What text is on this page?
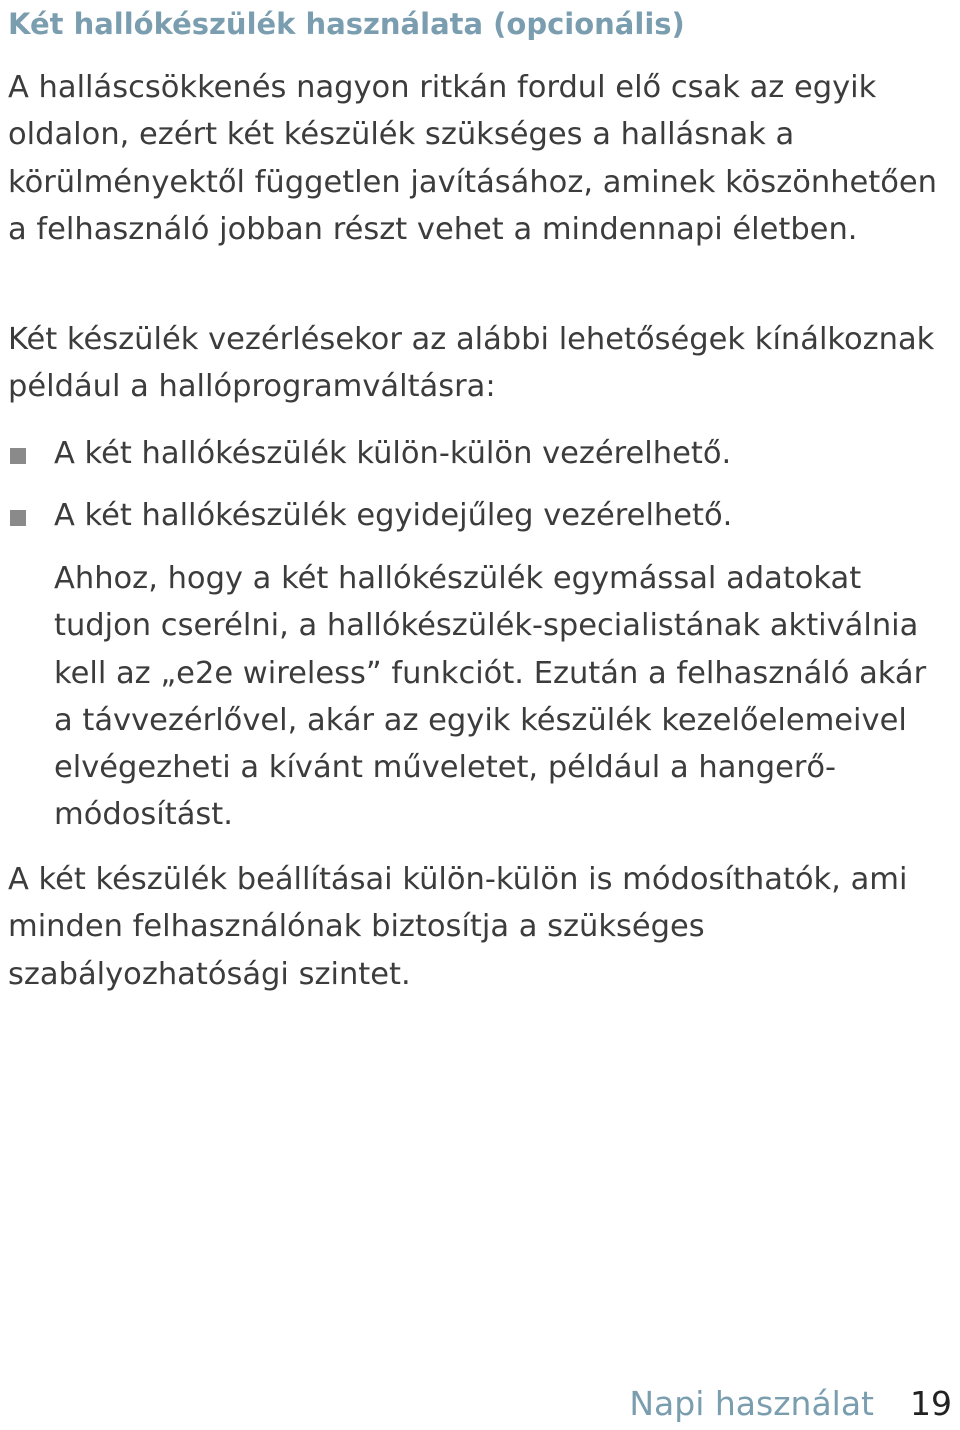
Két hallókészülék használata (opcionális)

A halláscsökkenés nagyon ritkán fordul elő csak az egyik oldalon, ezért két készülék szükséges a hallásnak a körülményektől független javításához, aminek köszönhetően a felhasználó jobban részt vehet a mindennapi életben.

Két készülék vezérlésekor az alábbi lehetőségek kínálkoznak például a hallóprogramváltásra:

A két hallókészülék külön-külön vezérelhető.
A két hallókészülék egyidejűleg vezérelhető.

Ahhoz, hogy a két hallókészülék egymással adatokat tudjon cserélni, a hallókészülék-specialistának aktiválnia kell az „e2e wireless” funkciót. Ezután a felhasználó akár a távvezérlővel, akár az egyik készülék kezelőelemeivel elvégezheti a kívánt műveletet, például a hangerő-módosítást.

A két készülék beállításai külön-külön is módosíthatók, ami minden felhasználónak biztosítja a szükséges szabályozhatósági szintet.

Napi használat 19
